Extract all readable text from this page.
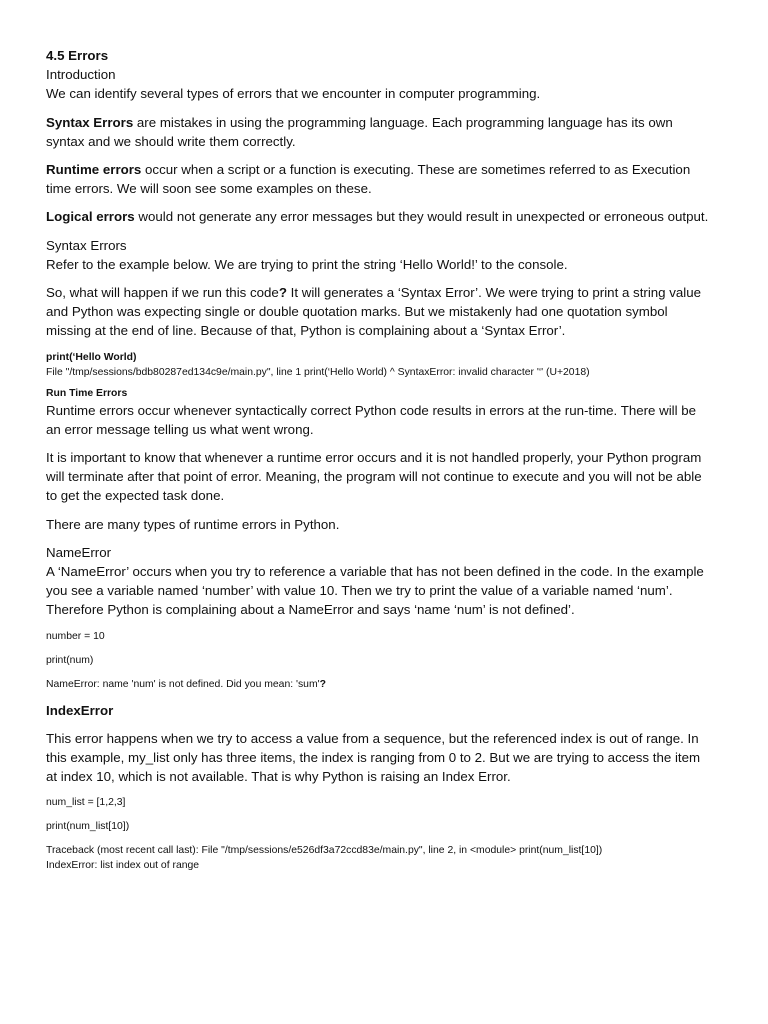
4.5 Errors

Introduction

We can identify several types of errors that we encounter in computer programming.

Syntax Errors are mistakes in using the programming language. Each programming language has its own syntax and we should write them correctly.

Runtime errors occur when a script or a function is executing. These are sometimes referred to as Execution time errors. We will soon see some examples on these.

Logical errors would not generate any error messages but they would result in unexpected or erroneous output.

Syntax Errors

Refer to the example below. We are trying to print the string ‘Hello World!’ to the console.

So, what will happen if we run this code? It will generates a ‘Syntax Error’. We were trying to print a string value and Python was expecting single or double quotation marks. But we mistakenly had one quotation symbol missing at the end of line. Because of that, Python is complaining about a ‘Syntax Error’.

print(‘Hello World)

File "/tmp/sessions/bdb80287ed134c9e/main.py", line 1 print(‘Hello World) ^ SyntaxError: invalid character '‘' (U+2018)

Run Time Errors

Runtime errors occur whenever syntactically correct Python code results in errors at the run-time. There will be an error message telling us what went wrong.

It is important to know that whenever a runtime error occurs and it is not handled properly, your Python program will terminate after that point of error. Meaning, the program will not continue to execute and you will not be able to get the expected task done.

There are many types of runtime errors in Python.

NameError

A ‘NameError’ occurs when you try to reference a variable that has not been defined in the code. In the example you see a variable named ‘number’ with value 10. Then we try to print the value of a variable named ‘num’. Therefore Python is complaining about a NameError and says ‘name ‘num’ is not defined’.

number = 10

print(num)

NameError: name 'num' is not defined. Did you mean: 'sum'?

IndexError

This error happens when we try to access a value from a sequence, but the referenced index is out of range. In this example, my_list only has three items, the index is ranging from 0 to 2. But we are trying to access the item at index 10, which is not available. That is why Python is raising an Index Error.

num_list = [1,2,3]

print(num_list[10])

Traceback (most recent call last): File "/tmp/sessions/e526df3a72ccd83e/main.py", line 2, in <module> print(num_list[10])

IndexError: list index out of range
